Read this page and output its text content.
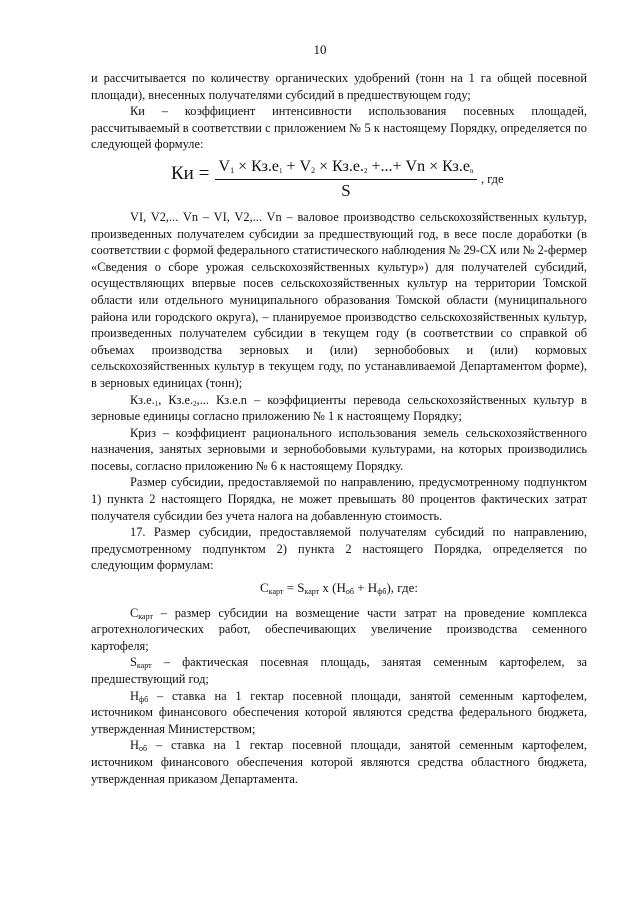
10

и рассчитывается по количеству органических удобрений (тонн на 1 га общей посевной площади), внесенных получателями субсидий в предшествующем году;

Ки – коэффициент интенсивности использования посевных площадей, рассчитываемый в соответствии с приложением № 5 к настоящему Порядку, определяется по следующей формуле:

Ки = $V_1 \times Кз.е_1 + V_2 \times Кз.е._2$ +...+ $Vn \times Кз.е_n$
S
, где

VI, V2,... Vn – VI, V2,... Vn – валовое производство сельскохозяйственных культур, произведенных получателем субсидии за предшествующий год, в весе после доработки (в соответствии с формой федерального статистического наблюдения № 29-СХ или № 2-фермер «Сведения о сборе урожая сельскохозяйственных культур») для получателей субсидий, осуществляющих впервые посев сельскохозяйственных культур на территории Томской области или отдельного муниципального образования Томской области (муниципального района или городского округа), – планируемое производство сельскохозяйственных культур, произведенных получателем субсидии в текущем году (в соответствии со справкой об объемах производства зерновых и (или) зернобобовых и (или) кормовых сельскохозяйственных культур в текущем году, по устанавливаемой Департаментом форме), в зерновых единицах (тонн);

$Кз.е._1$, $Кз.е._2$,... Кз.е.n – коэффициенты перевода сельскохозяйственных культур в зерновые единицы согласно приложению № 1 к настоящему Порядку;

Криз – коэффициент рационального использования земель сельскохозяйственного назначения, занятых зерновыми и зернобобовыми культурами, на которых производились посевы, согласно приложению № 6 к настоящему Порядку.

Размер субсидии, предоставляемой по направлению, предусмотренному подпунктом 1) пункта 2 настоящего Порядка, не может превышать 80 процентов фактических затрат получателя субсидии без учета налога на добавленную стоимость.

17. Размер субсидии, предоставляемой получателям субсидий по направлению, предусмотренному подпунктом 2) пункта 2 настоящего Порядка, определяется по следующим формулам:

$С_{карт} = S_{карт}$ х $(Н_{об} + Н_{фб})$, где:

$С_{карт}$ – размер субсидии на возмещение части затрат на проведение комплекса агротехнологических работ, обеспечивающих увеличение производства семенного картофеля;

$S_{карт}$ – фактическая посевная площадь, занятая семенным картофелем, за предшествующий год;

$Н_{фб}$ – ставка на 1 гектар посевной площади, занятой семенным картофелем, источником финансового обеспечения которой являются средства федерального бюджета, утвержденная Министерством;

$Н_{об}$ – ставка на 1 гектар посевной площади, занятой семенным картофелем, источником финансового обеспечения которой являются средства областного бюджета, утвержденная приказом Департамента.
